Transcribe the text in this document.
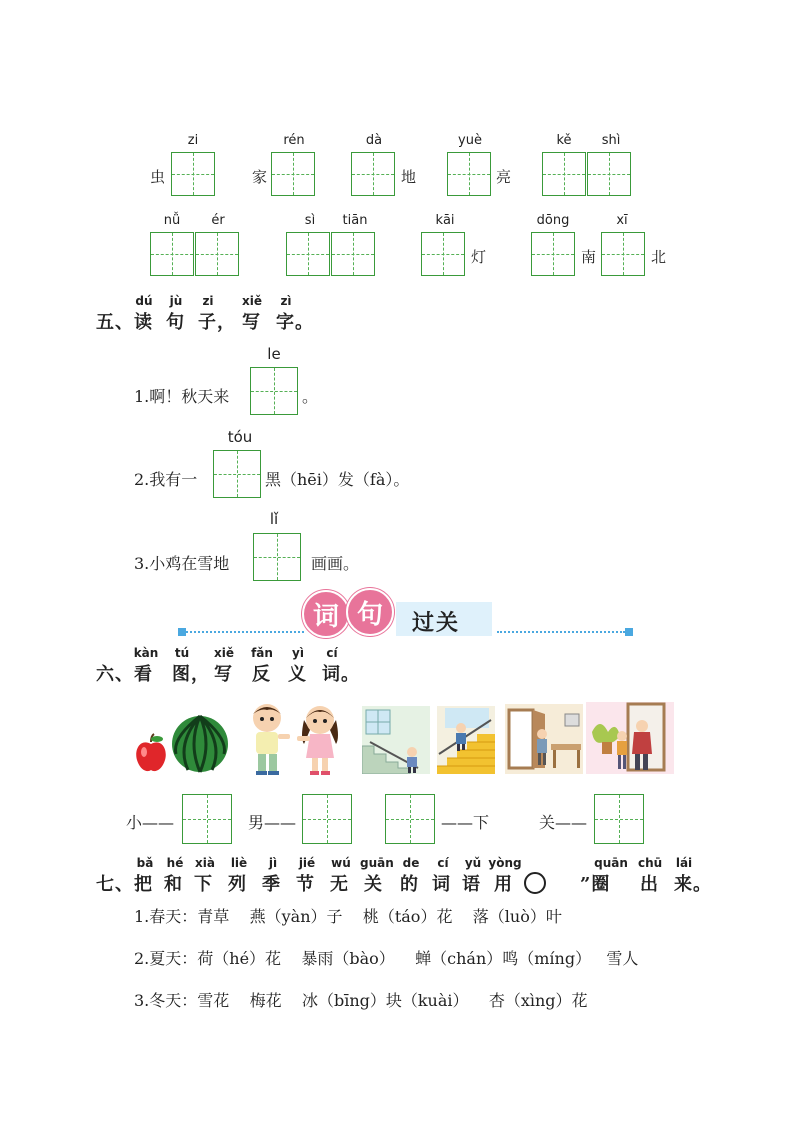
zi
虫
rén
家
dà
地
yuè
亮
kě	shì
nǚ	ér	sì	tiān	kāi
灯
dōng
南
xī
北
五、
dú
读
jù
句
zi
子，
xiě
写
zì
字。
le
1.啊！秋天来	。
tóu
2.我有一	黑（hēi）发（fà）。
lǐ
3.小鸡在雪地	画画。
词 句	过关
六、
kàn
看
tú
图，
xiě
写
fǎn
反
yì
义
cí
词。
小——	男——	——下	关——
七、
bǎ
把
hé
和
xià
下
liè
列
jì
季
jié
节
wú
无
guān
关
de
的
cí
词
yǔ
语
yòng
用
quān
”圈
chū
出
lái
来。
1.春天：青草    燕（yàn）子    桃（táo）花    落（luò）叶
2.夏天：荷（hé）花    暴雨（bào）    蝉（chán）鸣（míng）   雪人
3.冬天：雪花    梅花    冰（bīng）块（kuài）    杏（xìng）花
